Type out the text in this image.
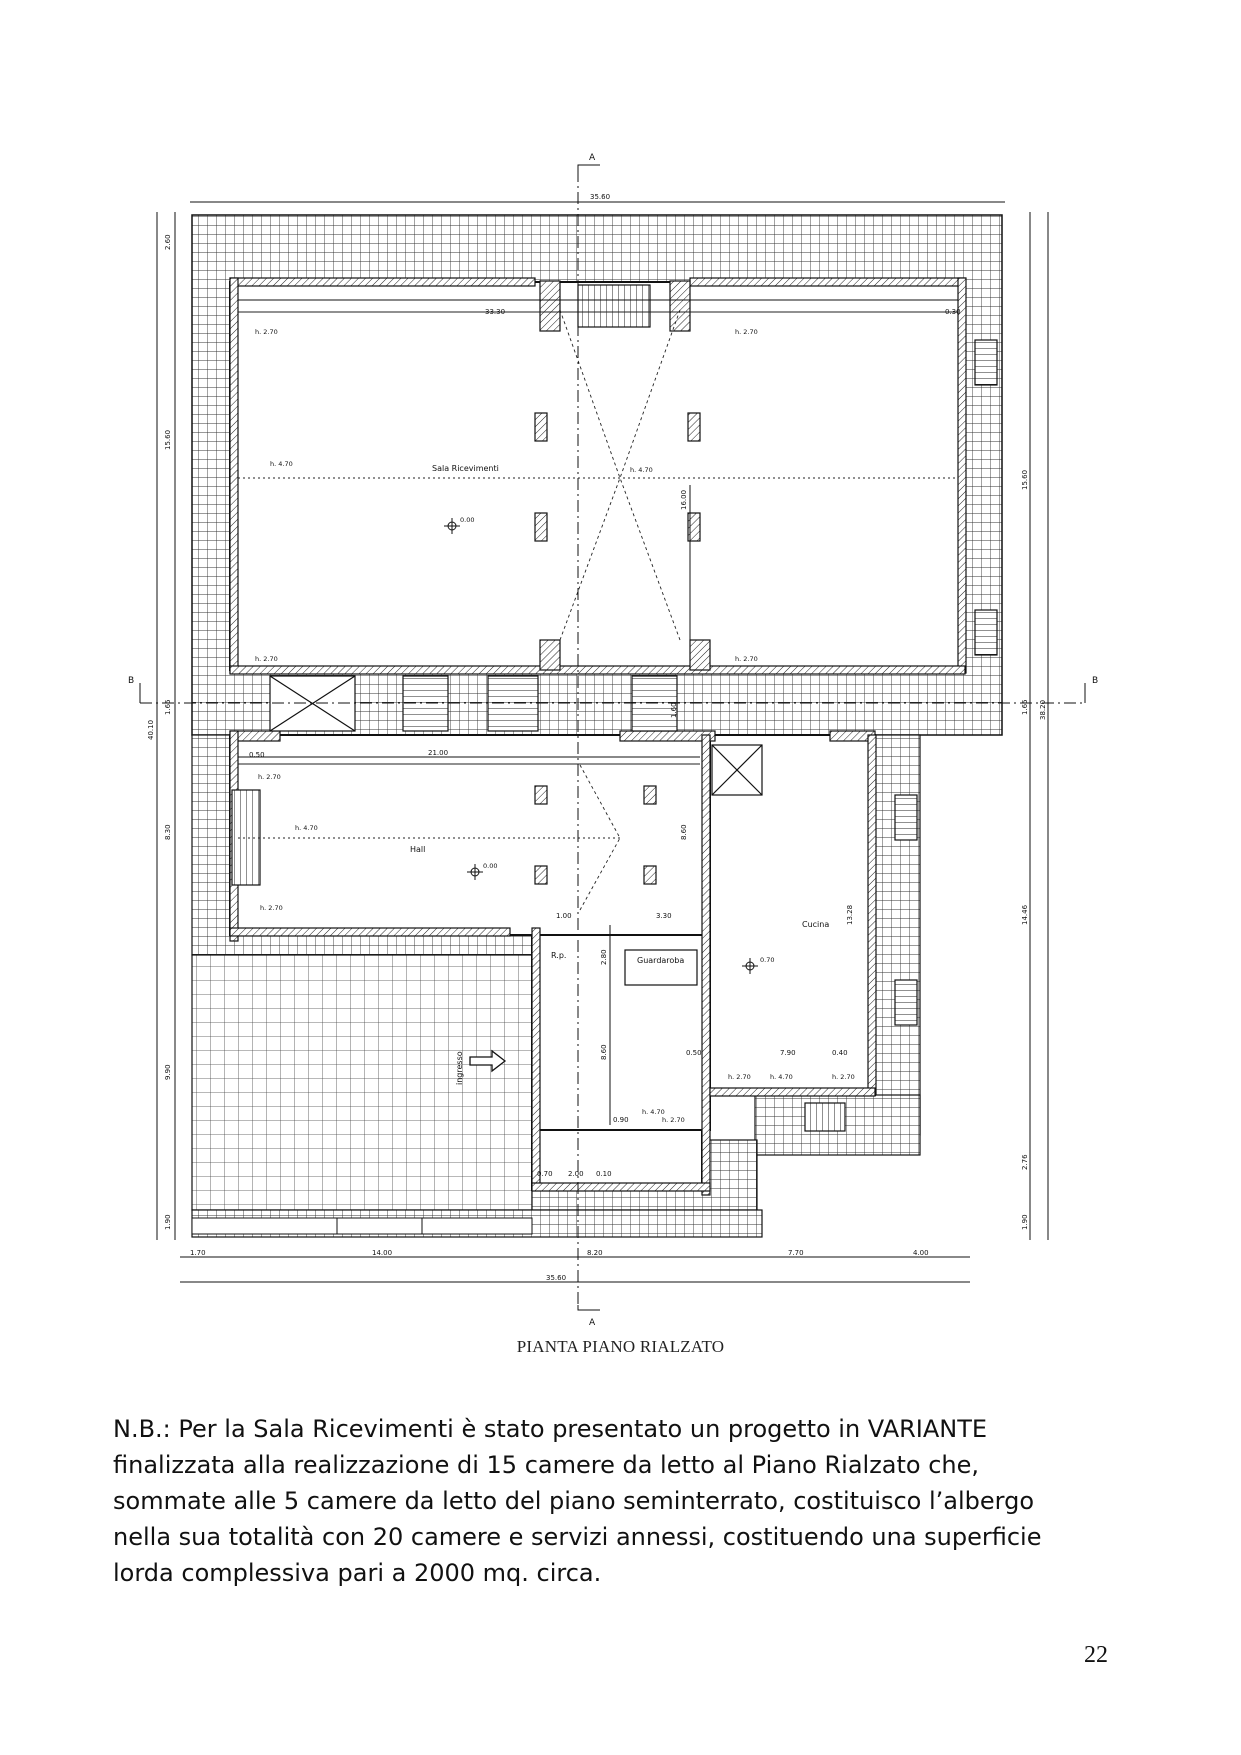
35.60
33.30	0.30
1.70	14.00	8.20	7.70	4.00
35.60
2.60
15.60
1.65
8.30
9.90
1.90
40.10
15.60
1.65
14.46
2.76
1.90
38.20
21.00
16.00
0.50
0.50	0.40
7.90
1.00	3.30
0.90
8.60
8.60
2.80
13.28
1.60
2.00 0.10
0.70
Sala Ricevimenti
Hall
Cucina
Guardaroba
R.p.
ingresso
h. 2.70	h. 2.70
h. 4.70
h. 4.70
h. 2.70	h. 2.70
h. 2.70
h. 4.70
h. 2.70
h. 2.70	h. 4.70	h. 2.70
h. 4.70
h. 2.70
0.00
0.00
0.70
A
A
B	B
PIANTA PIANO RIALZATO
N.B.: Per la Sala Ricevimenti è stato presentato un progetto in VARIANTE
finalizzata alla realizzazione di 15 camere da letto al Piano Rialzato che,
sommate alle 5 camere da letto del piano seminterrato, costituisco l’albergo
nella sua totalità con 20 camere e servizi annessi, costituendo una superficie
lorda complessiva pari a 2000 mq. circa.
22
